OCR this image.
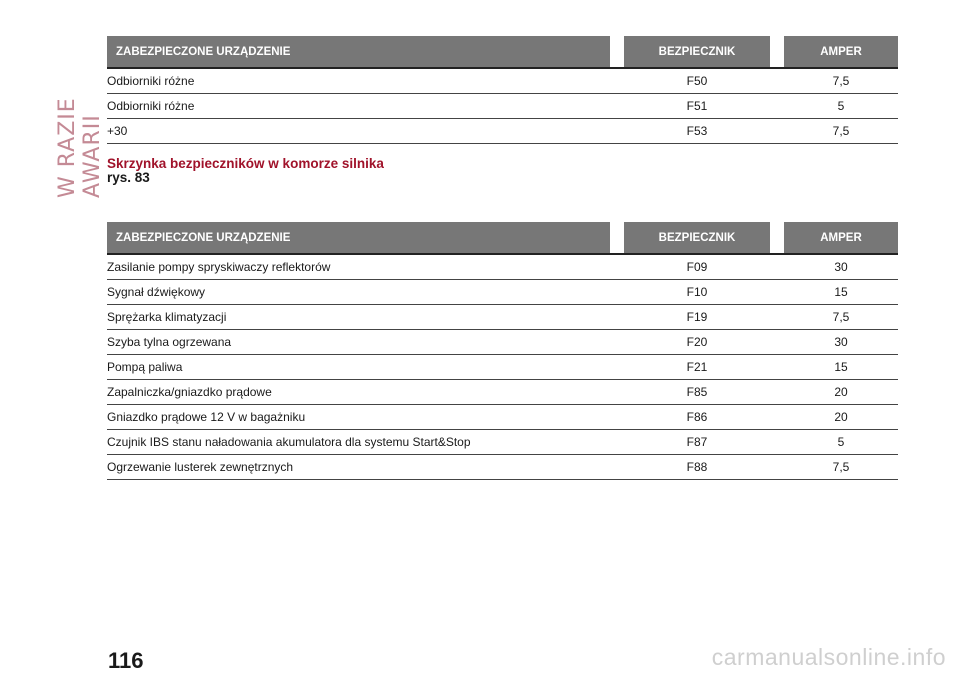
W RAZIE AWARII
ZABEZPIECZONE URZĄDZENIE		BEZPIECZNIK		AMPER
Odbiorniki różne		F50		7,5
Odbiorniki różne		F51		5
+30		F53		7,5
Skrzynka bezpieczników w komorze silnika
rys. 83
ZABEZPIECZONE URZĄDZENIE		BEZPIECZNIK		AMPER
Zasilanie pompy spryskiwaczy reflektorów		F09		30
Sygnał dźwiękowy		F10		15
Sprężarka klimatyzacji		F19		7,5
Szyba tylna ogrzewana		F20		30
Pompą paliwa		F21		15
Zapalniczka/gniazdko prądowe		F85		20
Gniazdko prądowe 12 V w bagażniku		F86		20
Czujnik IBS stanu naładowania akumulatora dla systemu Start&Stop		F87		5
Ogrzewanie lusterek zewnętrznych		F88		7,5
116	carmanualsonline.info
